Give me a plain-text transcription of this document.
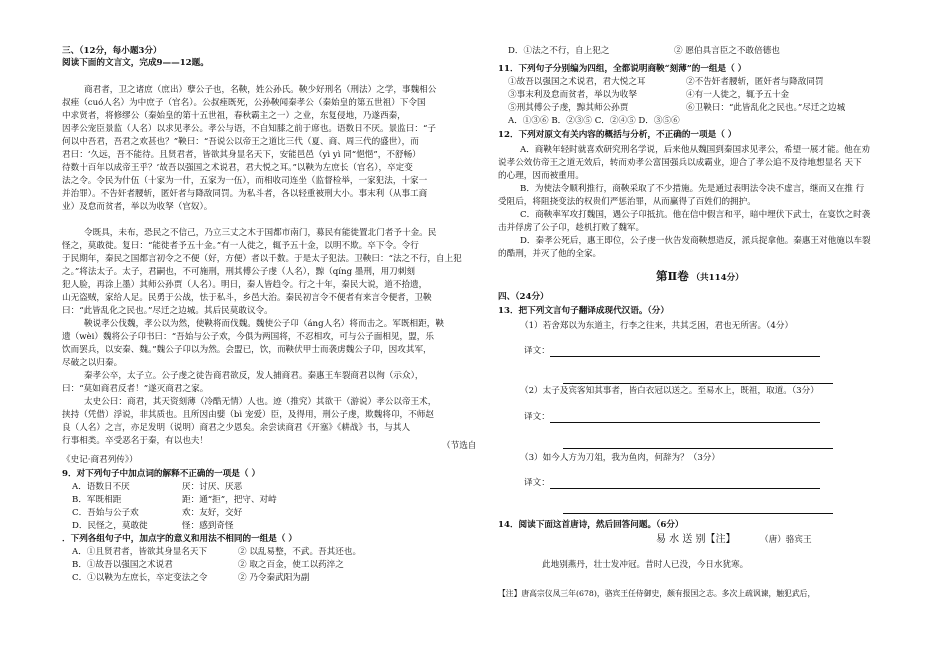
三、（12分，每小题3分）
阅读下面的文言文，完成9——12题。
商君者，卫之诸庶（庶出）孽公子也，名鞅，姓公孙氏。鞅少好刑名（刑法）之学，事魏相公
叔痤（cuó人名）为中庶子（官名）。公叔痤既死，公孙鞅闻秦孝公（秦始皇的第五世祖）下令国
中求贤者，将修缪公（秦始皇的第十五世祖，春秋霸主之一）之业，东复侵地，乃遂西秦，
因孝公宠臣景监（人名）以求见孝公。孝公与语，不自知膝之前于席也。语数日不厌。景监曰：“子
何以中吾君，吾君之欢甚也？”鞅曰：“吾说公以帝王之道比三代（夏、商、周三代的盛世），而
君曰：‘久远，吾不能待。且贤君者，皆欲其身显名天下，安能邑邑（yì yì 同“悒悒”，不舒畅）
待数十百年以成帝王乎？’故吾以强国之术说君，君大悦之耳。”以鞅为左庶长（官名），卒定变
法之令。令民为什伍（十家为一什，五家为一伍），而相收司连坐（监督检举，一家犯法，十家一
并治罪）。不告奸者腰斩，匿奸者与降敌同罚。为私斗者，各以轻重被刑大小。事末利（从事工商
业）及怠而贫者，举以为收孥（官奴）。
令既具，未布，恐民之不信己，乃立三丈之木于国都市南门，募民有能徙置北门者予十金。民
怪之，莫敢徙。复曰：“能徙者予五十金。”有一人徙之，辄予五十金，以明不欺。卒下令。令行
于民期年，秦民之国都言初令之不便（好，方便）者以千数。于是太子犯法。卫鞅曰：“法之不行，自上犯
之。”将法太子。太子，君嗣也，不可施刑，刑其傅公子虔（人名），黥（qíng 墨刑，用刀刺刻
犯人脸，再涂上墨）其师公孙贾（人名）。明日，秦人皆趋令。行之十年，秦民大说，道不拾遗，
山无盗贼，家给人足。民勇于公战，怯于私斗，乡邑大治。秦民初言令不便者有来言令便者，卫鞅
曰：“此皆乱化之民也。”尽迁之边城。其后民莫敢议令。
鞅说孝公伐魏，孝公以为然，使鞅将而伐魏。魏使公子卬（áng人名）将而击之。军既相距，鞅
遗（wèi）魏将公子卬书曰：“吾始与公子欢，今俱为两国将，不忍相攻，可与公子面相见，盟，乐
饮而罢兵，以安秦、魏。”魏公子卬以为然。会盟已，饮，而鞅伏甲士而袭虏魏公子卬，因攻其军，
尽破之以归秦。
秦孝公卒，太子立。公子虔之徒告商君欲反，发人捕商君。秦惠王车裂商君以徇（示众），
曰：“莫如商君反者！”遂灭商君之家。
太史公曰：商君，其天资刻薄（冷酷无情）人也。迹（推究）其欲干（游说）孝公以帝王术，
挟持（凭借）浮说，非其质也。且所因由嬖（bì 宠爱）臣，及得用，刑公子虔，欺魏将卬，不师赵
良（人名）之言，亦足发明（说明）商君之少恩矣。余尝读商君《开塞》《耕战》书，与其人
行事相类。卒受恶名于秦，有以也夫！	（节选自
《史记·商君列传》）
9．对下列句子中加点词的解释不正确的一项是（ ）
A．语数日不厌	厌：讨厌、厌恶
B．军既相距	距：通“拒”，把守、对峙
C．吾始与公子欢	欢：友好，交好
D．民怪之，莫敢徙	怪：感到奇怪
．下列各组句子中，加点字的意义和用法不相同的一组是（ ）
A．①且贤君者，皆欲其身显名天下	② 以乱易整，不武。吾其还也。
B．①故吾以强国之术说君	② 取之百金，使工以药淬之
C．①以鞅为左庶长，卒定变法之令	② 乃令秦武阳为副
D．①法之不行，自上犯之	② 愿伯具言臣之不敢倍德也
11．下列句子分别编为四组，全都说明商鞅“刻薄”的一组是（ ）
①故吾以强国之术说君，君大悦之耳	②不告奸者腰斩，匿奸者与降敌同罚
③事末利及怠而贫者，举以为收孥	④有一人徙之，辄予五十金
⑤刑其傅公子虔，黥其师公孙贾	⑥卫鞅曰：“此皆乱化之民也。”尽迁之边城
A．①③⑥ B．②③⑤ C．②④⑤ D．③⑤⑥
12．下列对原文有关内容的概括与分析，不正确的一项是（ ）
A．商鞅年轻时就喜欢研究刑名学说，后来他从魏国到秦国求见孝公，希望一展才能。他在劝
说孝公效仿帝王之道无效后，转而劝孝公富国强兵以成霸业，迎合了孝公追不及待地想显名 天下
的心理，因而被重用。
B．为使法令顺利推行，商鞅采取了不少措施。先是通过表明法令决不虚言，继而又在推 行
受阻后，将阻挠变法的权贵们严惩治罪，从而赢得了百姓们的拥护。
C．商鞅率军攻打魏国，遇公子卬抵抗。他在信中假言和平，暗中埋伏下武士，在宴饮之时袭
击并俘虏了公子卬，趁机打败了魏军。
D．秦孝公死后，惠王即位，公子虔一伙告发商鞅想造反，派兵捉拿他。秦惠王对他施以车裂
的酷刑，并灭了他的全家。
第Ⅱ卷 （共114分）
四、（24分）
13．把下列文言句子翻译成现代汉语。（分）
（1）若舍郑以为东道主，行李之往来，共其乏困，君也无所害。（4分）
译文：
（2）太子及宾客知其事者，皆白衣冠以送之。至易水上，既祖，取道。（3分）
译文：
（3）如今人方为刀俎，我为鱼肉，何辞为？（3分）
译文：
14．阅读下面这首唐诗，然后回答问题。（6分）
易 水 送 别【注】	（唐）骆宾王
此地别燕丹，壮士发冲冠。昔时人已没，今日水犹寒。
【注】唐高宗仪凤三年(678)，骆宾王任侍御史，颇有报国之志。多次上疏讽谏，触犯武后，
